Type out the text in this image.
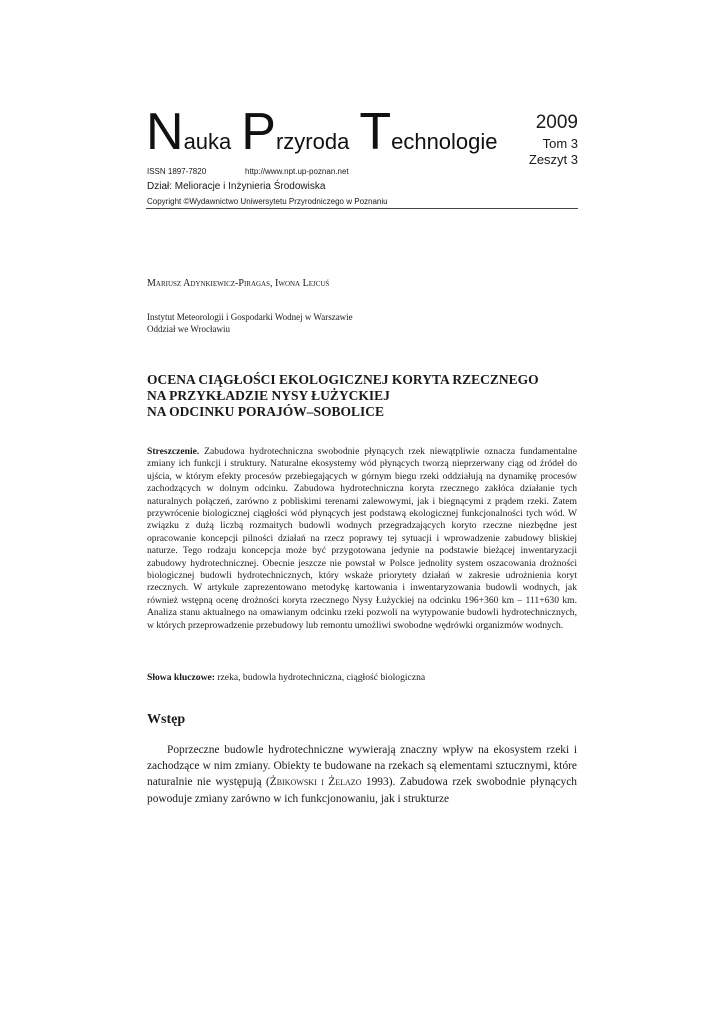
Nauka Przyroda Technologie
2009
Tom 3
Zeszyt 3
ISSN 1897-7820	http://www.npt.up-poznan.net
Dział: Melioracje i Inżynieria Środowiska
Copyright ©Wydawnictwo Uniwersytetu Przyrodniczego w Poznaniu
Mariusz Adynkiewicz-Piragas, Iwona Lejcuś
Instytut Meteorologii i Gospodarki Wodnej w Warszawie
Oddział we Wrocławiu
OCENA CIĄGŁOŚCI EKOLOGICZNEJ KORYTA RZECZNEGO
NA PRZYKŁADZIE NYSY ŁUŻYCKIEJ
NA ODCINKU PORAJÓW–SOBOLICE

Streszczenie. Zabudowa hydrotechniczna swobodnie płynących rzek niewątpliwie oznacza fundamentalne zmiany ich funkcji i struktury. Naturalne ekosystemy wód płynących tworzą nieprzerwany ciąg od źródeł do ujścia, w którym efekty procesów przebiegających w górnym biegu rzeki oddziałują na dynamikę procesów zachodzących w dolnym odcinku. Zabudowa hydrotechniczna koryta rzecznego zakłóca działanie tych naturalnych połączeń, zarówno z pobliskimi terenami zalewowymi, jak i biegnącymi z prądem rzeki. Zatem przywrócenie biologicznej ciągłości wód płynących jest podstawą ekologicznej funkcjonalności tych wód. W związku z dużą liczbą rozmaitych budowli wodnych przegradzających koryto rzeczne niezbędne jest opracowanie koncepcji pilności działań na rzecz poprawy tej sytuacji i wprowadzenie zabudowy bliskiej naturze. Tego rodzaju koncepcja może być przygotowana jedynie na podstawie bieżącej inwentaryzacji zabudowy hydrotechnicznej. Obecnie jeszcze nie powstał w Polsce jednolity system oszacowania drożności biologicznej budowli hydrotechnicznych, który wskaże priorytety działań w zakresie udrożnienia koryt rzecznych. W artykule zaprezentowano metodykę kartowania i inwentaryzowania budowli wodnych, jak również wstępną ocenę drożności koryta rzecznego Nysy Łużyckiej na odcinku 196+360 km – 111+630 km. Analiza stanu aktualnego na omawianym odcinku rzeki pozwoli na wytypowanie budowli hydrotechnicznych, w których przeprowadzenie przebudowy lub remontu umożliwi swobodne wędrówki organizmów wodnych.

Słowa kluczowe: rzeka, budowla hydrotechniczna, ciągłość biologiczna

Wstęp

Poprzeczne budowle hydrotechniczne wywierają znaczny wpływ na ekosystem rzeki i zachodzące w nim zmiany. Obiekty te budowane na rzekach są elementami sztucznymi, które naturalnie nie występują (Żbikowski i Żelazo 1993). Zabudowa rzek swobodnie płynących powoduje zmiany zarówno w ich funkcjonowaniu, jak i strukturze
